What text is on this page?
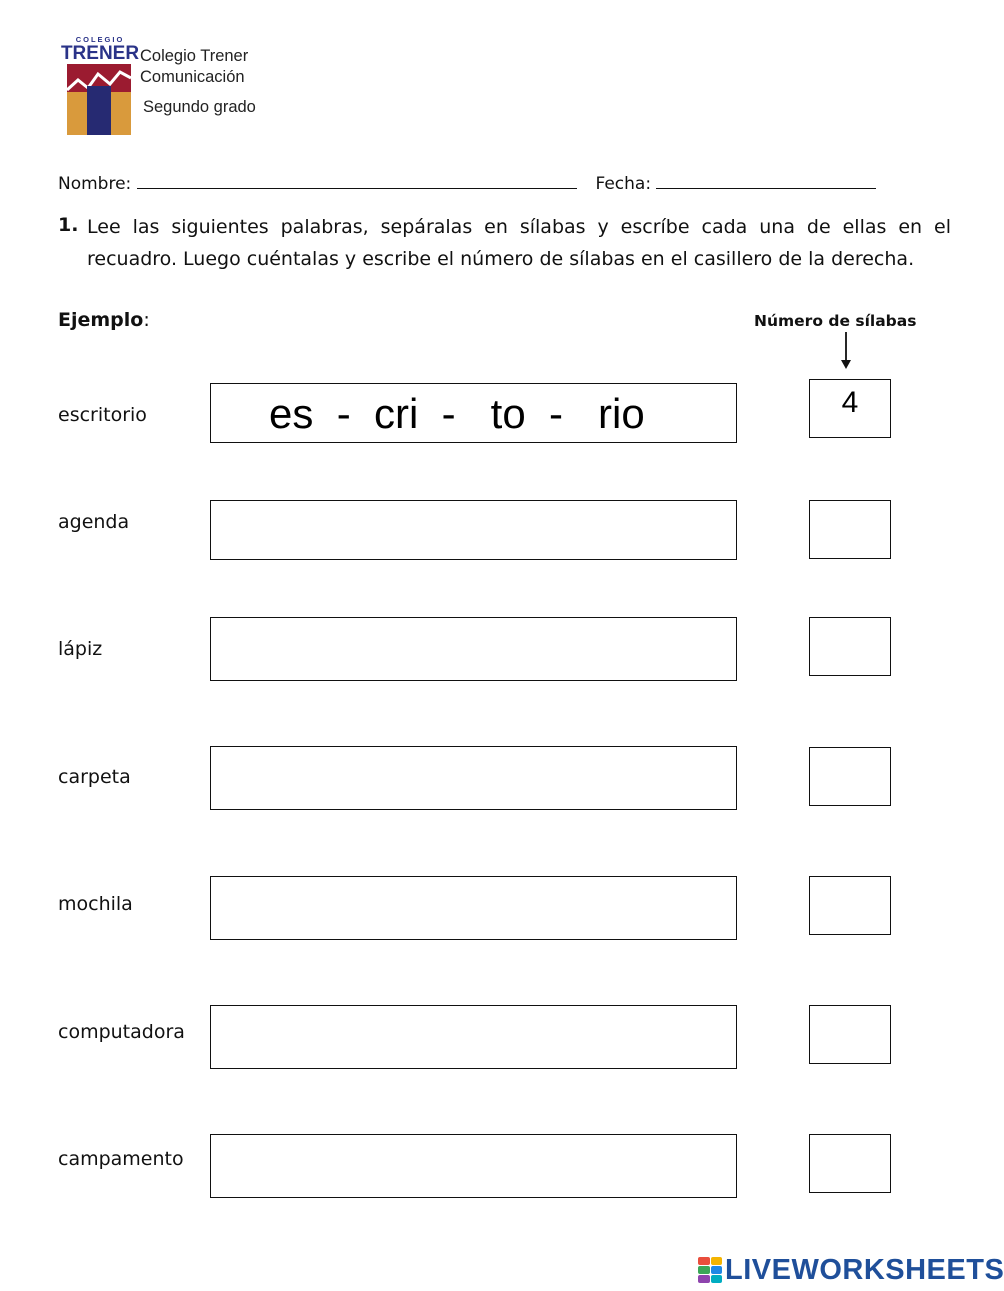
COLEGIO
TRENER Colegio Trener
Comunicación
Segundo grado
Nombre:	Fecha:
1. Lee las siguientes palabras, sepáralas en sílabas y escríbe cada una de ellas en el recuadro. Luego cuéntalas y escribe el número de sílabas en el casillero de la derecha.
Ejemplo:	Número de sílabas
escritorio	es  -  cri  -   to  -   rio	4
agenda
lápiz
carpeta
mochila
computadora
campamento
LIVEWORKSHEETS
